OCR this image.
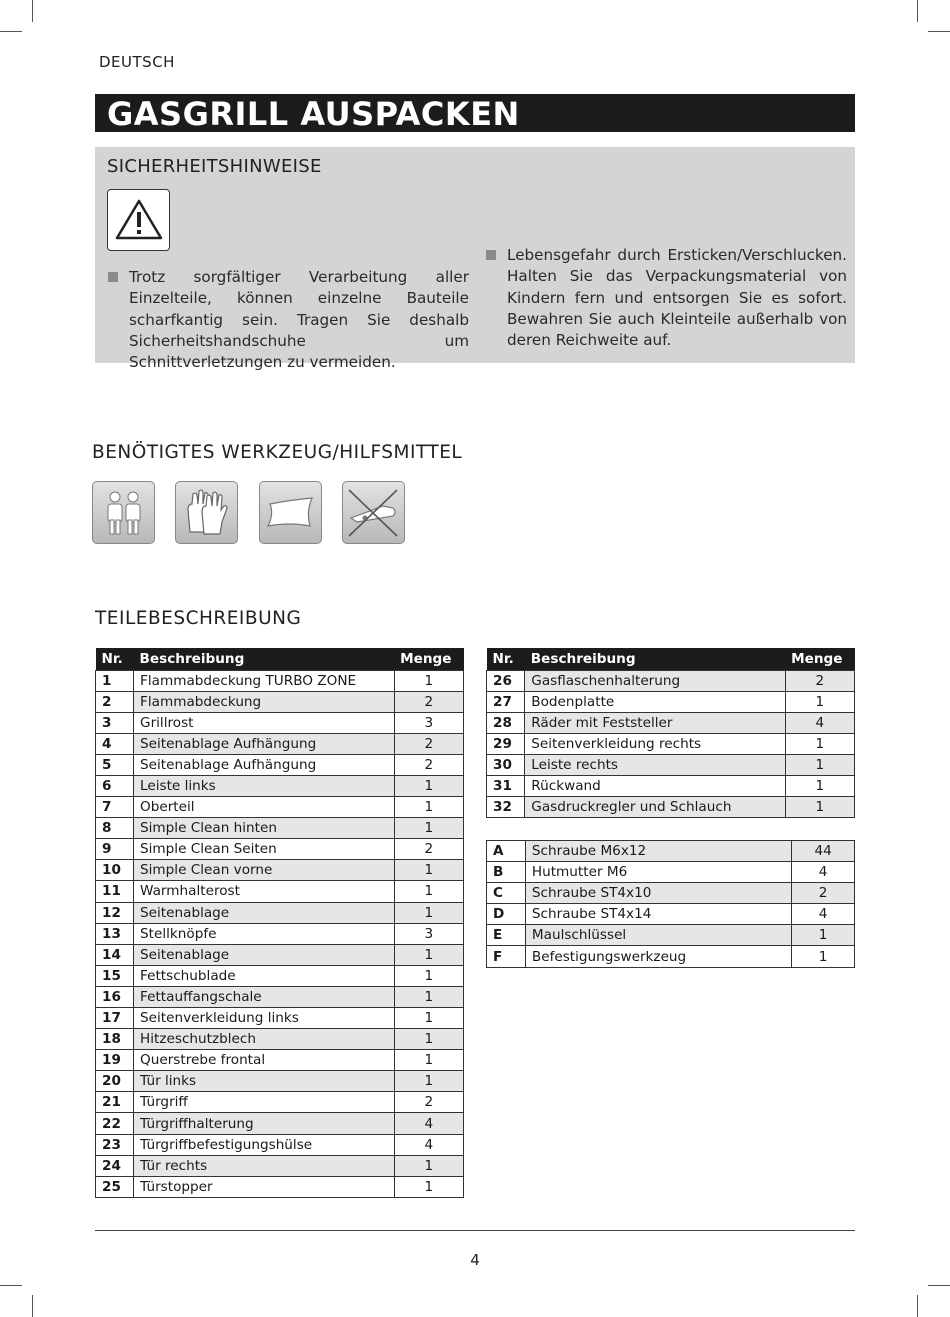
DEUTSCH
GASGRILL AUSPACKEN
SICHERHEITSHINWEISE
Trotz sorgfältiger Verarbeitung aller Einzelteile, können einzelne Bauteile scharfkantig sein. Tragen Sie deshalb Sicherheitshandschuhe um Schnittverletzungen zu vermeiden.
Lebensgefahr durch Ersticken/Verschlucken. Halten Sie das Verpackungsmaterial von Kindern fern und entsorgen Sie es sofort. Bewahren Sie auch Kleinteile außerhalb von deren Reichweite auf.
BENÖTIGTES WERKZEUG/HILFSMITTEL
TEILEBESCHREIBUNG
Nr.	Beschreibung	Menge
1	Flammabdeckung TURBO ZONE	1
2	Flammabdeckung	2
3	Grillrost	3
4	Seitenablage Aufhängung	2
5	Seitenablage Aufhängung	2
6	Leiste links	1
7	Oberteil	1
8	Simple Clean hinten	1
9	Simple Clean Seiten	2
10	Simple Clean vorne	1
11	Warmhalterost	1
12	Seitenablage	1
13	Stellknöpfe	3
14	Seitenablage	1
15	Fettschublade	1
16	Fettauffangschale	1
17	Seitenverkleidung links	1
18	Hitzeschutzblech	1
19	Querstrebe frontal	1
20	Tür links	1
21	Türgriff	2
22	Türgriffhalterung	4
23	Türgriffbefestigungshülse	4
24	Tür rechts	1
25	Türstopper	1
Nr.	Beschreibung	Menge
26	Gasflaschenhalterung	2
27	Bodenplatte	1
28	Räder mit Feststeller	4
29	Seitenverkleidung rechts	1
30	Leiste rechts	1
31	Rückwand	1
32	Gasdruckregler und Schlauch	1
A	Schraube M6x12	44
B	Hutmutter M6	4
C	Schraube ST4x10	2
D	Schraube ST4x14	4
E	Maulschlüssel	1
F	Befestigungswerkzeug	1
4
